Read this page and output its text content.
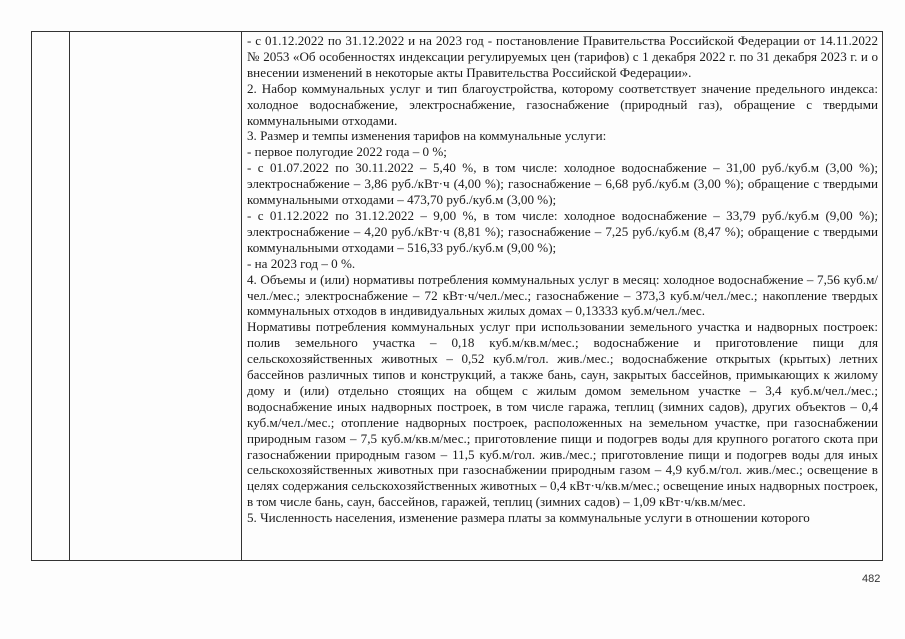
- с 01.12.2022 по 31.12.2022 и на 2023 год - постановление Правительства Российской Федерации от 14.11.2022 № 2053 «Об особенностях индексации регулируемых цен (тарифов) с 1 декабря 2022 г. по 31 декабря 2023 г. и о внесении изменений в некоторые акты Правительства Российской Федерации».

2. Набор коммунальных услуг и тип благоустройства, которому соответствует значение предельного индекса: холодное водоснабжение, электроснабжение, газоснабжение (природный газ), обращение с твердыми коммунальными отходами.

3. Размер и темпы изменения тарифов на коммунальные услуги:

- первое полугодие 2022 года – 0 %;

- с 01.07.2022 по 30.11.2022 – 5,40 %, в том числе: холодное водоснабжение – 31,00 руб./куб.м (3,00 %); электроснабжение – 3,86 руб./кВт·ч (4,00 %); газоснабжение – 6,68 руб./куб.м (3,00 %); обращение с твердыми коммунальными отходами – 473,70 руб./куб.м (3,00 %);

- с 01.12.2022 по 31.12.2022 – 9,00 %, в том числе: холодное водоснабжение – 33,79 руб./куб.м (9,00 %); электроснабжение – 4,20 руб./кВт·ч (8,81 %); газоснабжение – 7,25 руб./куб.м (8,47 %); обращение с твердыми коммунальными отходами – 516,33 руб./куб.м (9,00 %);

- на 2023 год – 0 %.

4. Объемы и (или) нормативы потребления коммунальных услуг в месяц: холодное водоснабжение – 7,56 куб.м/чел./мес.; электроснабжение – 72 кВт·ч/чел./мес.; газоснабжение – 373,3 куб.м/чел./мес.; накопление твердых коммунальных отходов в индивидуальных жилых домах – 0,13333 куб.м/чел./мес.

Нормативы потребления коммунальных услуг при использовании земельного участка и надворных построек: полив земельного участка – 0,18 куб.м/кв.м/мес.; водоснабжение и приготовление пищи для сельскохозяйственных животных – 0,52 куб.м/гол. жив./мес.; водоснабжение открытых (крытых) летних бассейнов различных типов и конструкций, а также бань, саун, закрытых бассейнов, примыкающих к жилому дому и (или) отдельно стоящих на общем с жилым домом земельном участке – 3,4 куб.м/чел./мес.; водоснабжение иных надворных построек, в том числе гаража, теплиц (зимних садов), других объектов – 0,4 куб.м/чел./мес.; отопление надворных построек, расположенных на земельном участке, при газоснабжении природным газом – 7,5 куб.м/кв.м/мес.; приготовление пищи и подогрев воды для крупного рогатого скота при газоснабжении природным газом – 11,5 куб.м/гол. жив./мес.; приготовление пищи и подогрев воды для иных сельскохозяйственных животных при газоснабжении природным газом – 4,9 куб.м/гол. жив./мес.; освещение в целях содержания сельскохозяйственных животных – 0,4 кВт·ч/кв.м/мес.; освещение иных надворных построек, в том числе бань, саун, бассейнов, гаражей, теплиц (зимних садов) – 1,09 кВт·ч/кв.м/мес.

5. Численность населения, изменение размера платы за коммунальные услуги в отношении которого

482
